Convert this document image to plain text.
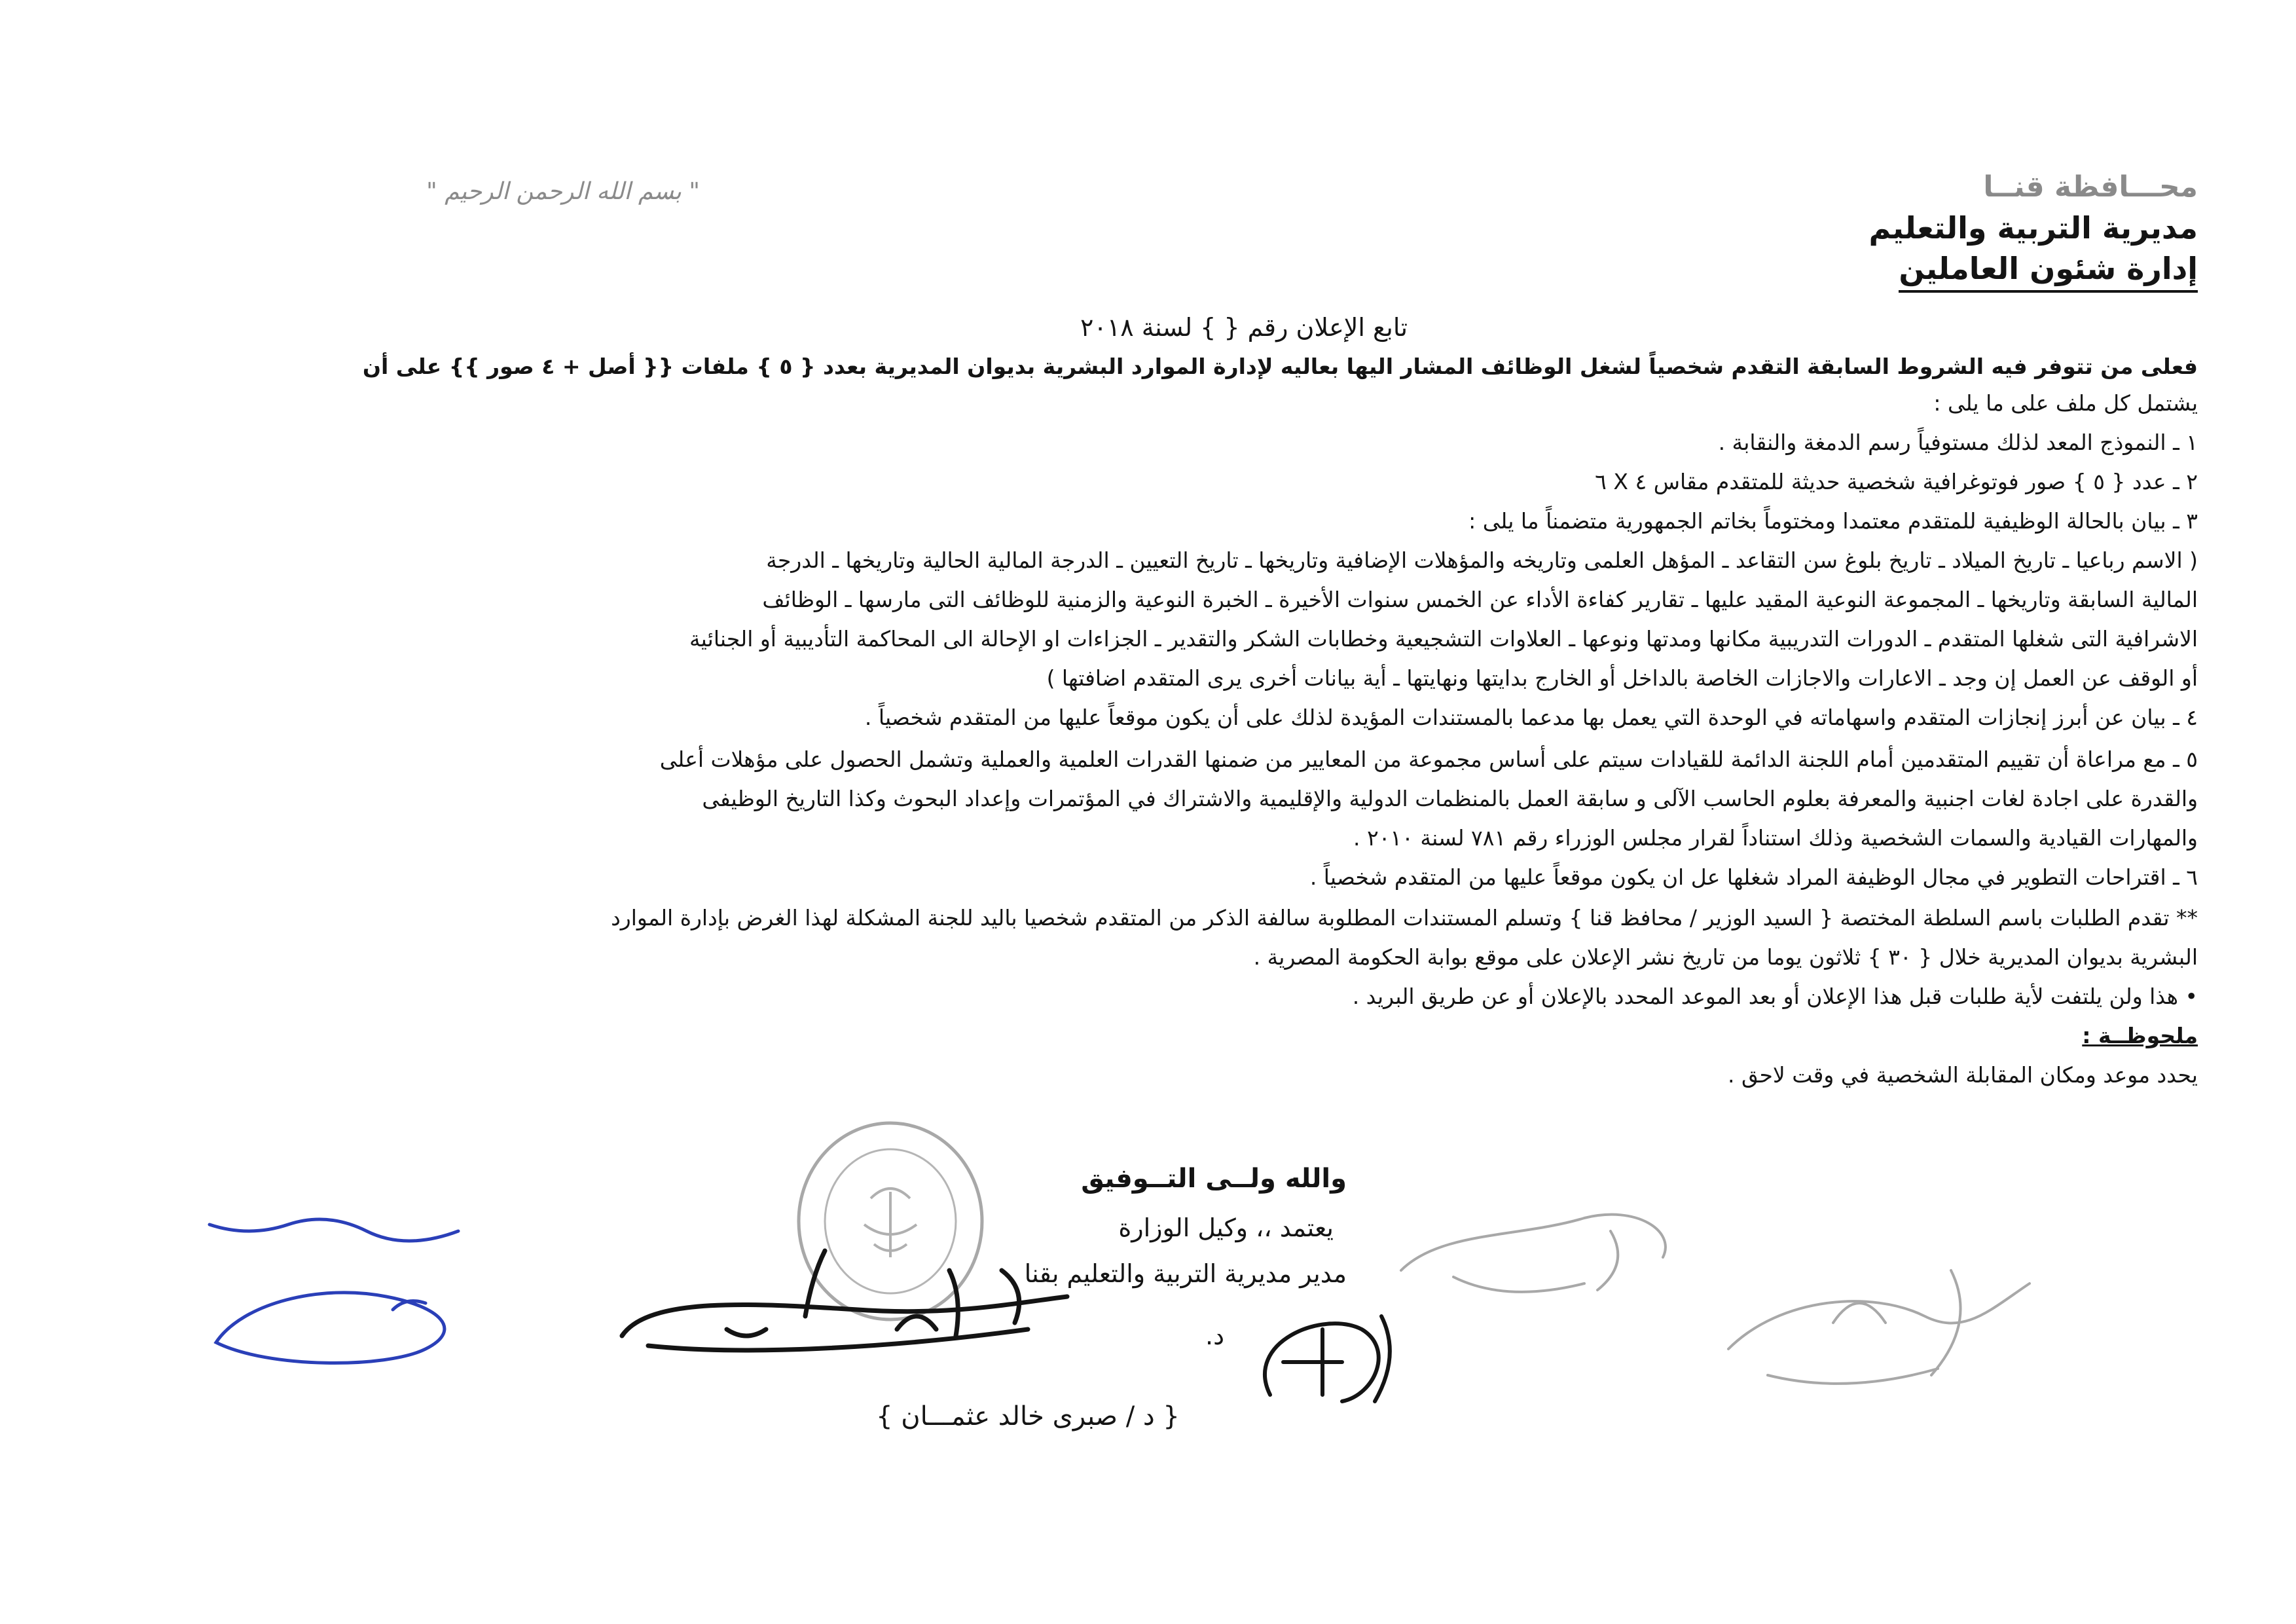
" بسم الله الرحمن الرحيم "	محـــافظة قنــا
مديرية التربية والتعليم
إدارة شئون العاملين
تابع الإعلان رقم { } لسنة ٢٠١٨
فعلى من تتوفر فيه الشروط السابقة التقدم شخصياً لشغل الوظائف المشار اليها بعاليه لإدارة الموارد البشرية بديوان المديرية بعدد { ٥ } ملفات {{ أصل + ٤ صور }} على أن
يشتمل كل ملف على ما يلى :
١ ـ النموذج المعد لذلك مستوفياً رسم الدمغة والنقابة .
٢ ـ عدد { ٥ } صور فوتوغرافية شخصية حديثة للمتقدم مقاس ٤ X ٦
٣ ـ بيان بالحالة الوظيفية للمتقدم معتمدا ومختوماً بخاتم الجمهورية متضمناً ما يلى :
( الاسم رباعيا ـ تاريخ الميلاد ـ تاريخ بلوغ سن التقاعد ـ المؤهل العلمى وتاريخه والمؤهلات الإضافية وتاريخها ـ تاريخ التعيين ـ الدرجة المالية الحالية وتاريخها ـ الدرجة
المالية السابقة وتاريخها ـ المجموعة النوعية المقيد عليها ـ تقارير كفاءة الأداء عن الخمس سنوات الأخيرة ـ الخبرة النوعية والزمنية للوظائف التى مارسها ـ الوظائف
الاشرافية التى شغلها المتقدم ـ الدورات التدريبية مكانها ومدتها ونوعها ـ العلاوات التشجيعية وخطابات الشكر والتقدير ـ الجزاءات او الإحالة الى المحاكمة التأديبية أو الجنائية
أو الوقف عن العمل إن وجد ـ الاعارات والاجازات الخاصة بالداخل أو الخارج بدايتها ونهايتها ـ أية بيانات أخرى يرى المتقدم اضافتها )
٤ ـ بيان عن أبرز إنجازات المتقدم واسهاماته في الوحدة التي يعمل بها مدعما بالمستندات المؤيدة لذلك على أن يكون موقعاً عليها من المتقدم شخصياً .
٥ ـ مع مراعاة أن تقييم المتقدمين أمام اللجنة الدائمة للقيادات سيتم على أساس مجموعة من المعايير من ضمنها القدرات العلمية والعملية وتشمل الحصول على مؤهلات أعلى
والقدرة على اجادة لغات اجنبية والمعرفة بعلوم الحاسب الآلى و سابقة العمل بالمنظمات الدولية والإقليمية والاشتراك في المؤتمرات وإعداد البحوث وكذا التاريخ الوظيفى
والمهارات القيادية والسمات الشخصية وذلك استناداً لقرار مجلس الوزراء رقم ٧٨١ لسنة ٢٠١٠ .
٦ ـ اقتراحات التطوير في مجال الوظيفة المراد شغلها عل ان يكون موقعاً عليها من المتقدم شخصياً .
** تقدم الطلبات باسم السلطة المختصة { السيد الوزير / محافظ قنا } وتسلم المستندات المطلوبة سالفة الذكر من المتقدم شخصيا باليد للجنة المشكلة لهذا الغرض بإدارة الموارد
البشرية بديوان المديرية خلال { ٣٠ } ثلاثون يوما من تاريخ نشر الإعلان على موقع بوابة الحكومة المصرية .
• هذا ولن يلتفت لأية طلبات قبل هذا الإعلان أو بعد الموعد المحدد بالإعلان أو عن طريق البريد .
ملحوظــة :
يحدد موعد ومكان المقابلة الشخصية في وقت لاحق .
والله ولــى التــوفيق
يعتمد ،، وكيل الوزارة
مدير مديرية التربية والتعليم بقنا
د.
{ د / صبرى خالد عثمـــان }
